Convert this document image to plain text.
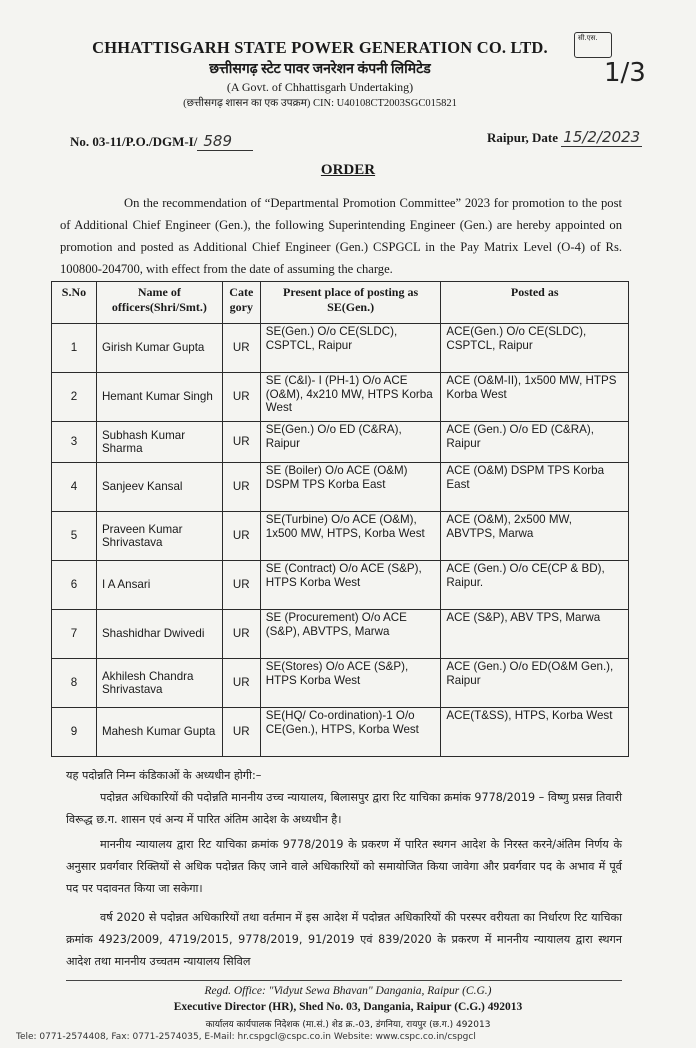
CHHATTISGARH STATE POWER GENERATION CO. LTD.
छत्तीसगढ़ स्टेट पावर जनरेशन कंपनी लिमिटेड
(A Govt. of Chhattisgarh Undertaking)
(छत्तीसगढ़ शासन का एक उपक्रम) CIN: U40108CT2003SGC015821
सी.एस.
1/3
No. 03-11/P.O./DGM-I/ 589	Raipur, Date 15/2/2023
ORDER
On the recommendation of “Departmental Promotion Committee” 2023 for promotion to the post of Additional Chief Engineer (Gen.), the following Superintending Engineer (Gen.) are hereby appointed on promotion and posted as Additional Chief Engineer (Gen.) CSPGCL in the Pay Matrix Level (O-4) of Rs. 100800-204700, with effect from the date of assuming the charge.
S.No	Name of officers(Shri/Smt.)	Cate gory	Present place of posting as SE(Gen.)	Posted as
1	Girish Kumar Gupta	UR	SE(Gen.) O/o CE(SLDC), CSPTCL, Raipur	ACE(Gen.) O/o CE(SLDC), CSPTCL, Raipur
2	Hemant Kumar Singh	UR	SE (C&I)- I (PH-1) O/o ACE (O&M), 4x210 MW, HTPS Korba West	ACE (O&M-II), 1x500 MW, HTPS Korba West
3	Subhash Kumar Sharma	UR	SE(Gen.) O/o ED (C&RA), Raipur	ACE (Gen.) O/o ED (C&RA), Raipur
4	Sanjeev Kansal	UR	SE (Boiler) O/o ACE (O&M) DSPM TPS Korba East	ACE (O&M) DSPM TPS Korba East
5	Praveen Kumar Shrivastava	UR	SE(Turbine) O/o ACE (O&M), 1x500 MW, HTPS, Korba West	ACE (O&M), 2x500 MW, ABVTPS, Marwa
6	I A Ansari	UR	SE (Contract) O/o ACE (S&P), HTPS Korba West	ACE (Gen.) O/o CE(CP & BD), Raipur.
7	Shashidhar Dwivedi	UR	SE (Procurement) O/o ACE (S&P), ABVTPS, Marwa	ACE (S&P), ABV TPS, Marwa
8	Akhilesh Chandra Shrivastava	UR	SE(Stores) O/o ACE (S&P), HTPS Korba West	ACE (Gen.) O/o ED(O&M Gen.), Raipur
9	Mahesh Kumar Gupta	UR	SE(HQ/ Co-ordination)-1 O/o CE(Gen.), HTPS, Korba West	ACE(T&SS), HTPS, Korba West
यह पदोन्नति निम्न कंडिकाओं के अध्यधीन होगी:–
पदोन्नत अधिकारियों की पदोन्नति माननीय उच्च न्यायालय, बिलासपुर द्वारा रिट याचिका क्रमांक 9778/2019 – विष्णु प्रसन्न तिवारी विरूद्ध छ.ग. शासन एवं अन्य में पारित अंतिम आदेश के अध्यधीन है।
माननीय न्यायालय द्वारा रिट याचिका क्रमांक 9778/2019 के प्रकरण में पारित स्थगन आदेश के निरस्त करने/अंतिम निर्णय के अनुसार प्रवर्गवार रिक्तियों से अधिक पदोन्नत किए जाने वाले अधिकारियों को समायोजित किया जावेगा और प्रवर्गवार पद के अभाव में पूर्व पद पर पदावनत किया जा सकेगा।
वर्ष 2020 से पदोन्नत अधिकारियों तथा वर्तमान में इस आदेश में पदोन्नत अधिकारियों की परस्पर वरीयता का निर्धारण रिट याचिका क्रमांक 4923/2009, 4719/2015, 9778/2019, 91/2019 एवं 839/2020 के प्रकरण में माननीय न्यायालय द्वारा स्थगन आदेश तथा माननीय उच्चतम न्यायालय सिविल
Regd. Office: "Vidyut Sewa Bhavan" Dangania, Raipur (C.G.)
Executive Director (HR), Shed No. 03, Dangania, Raipur (C.G.) 492013
कार्यालय कार्यपालक निदेशक (मा.सं.) शेड क्र.-03, डंगनिया, रायपुर (छ.ग.) 492013
Tele: 0771-2574408, Fax: 0771-2574035, E-Mail: hr.cspgcl@cspc.co.in Website: www.cspc.co.in/cspgcl
